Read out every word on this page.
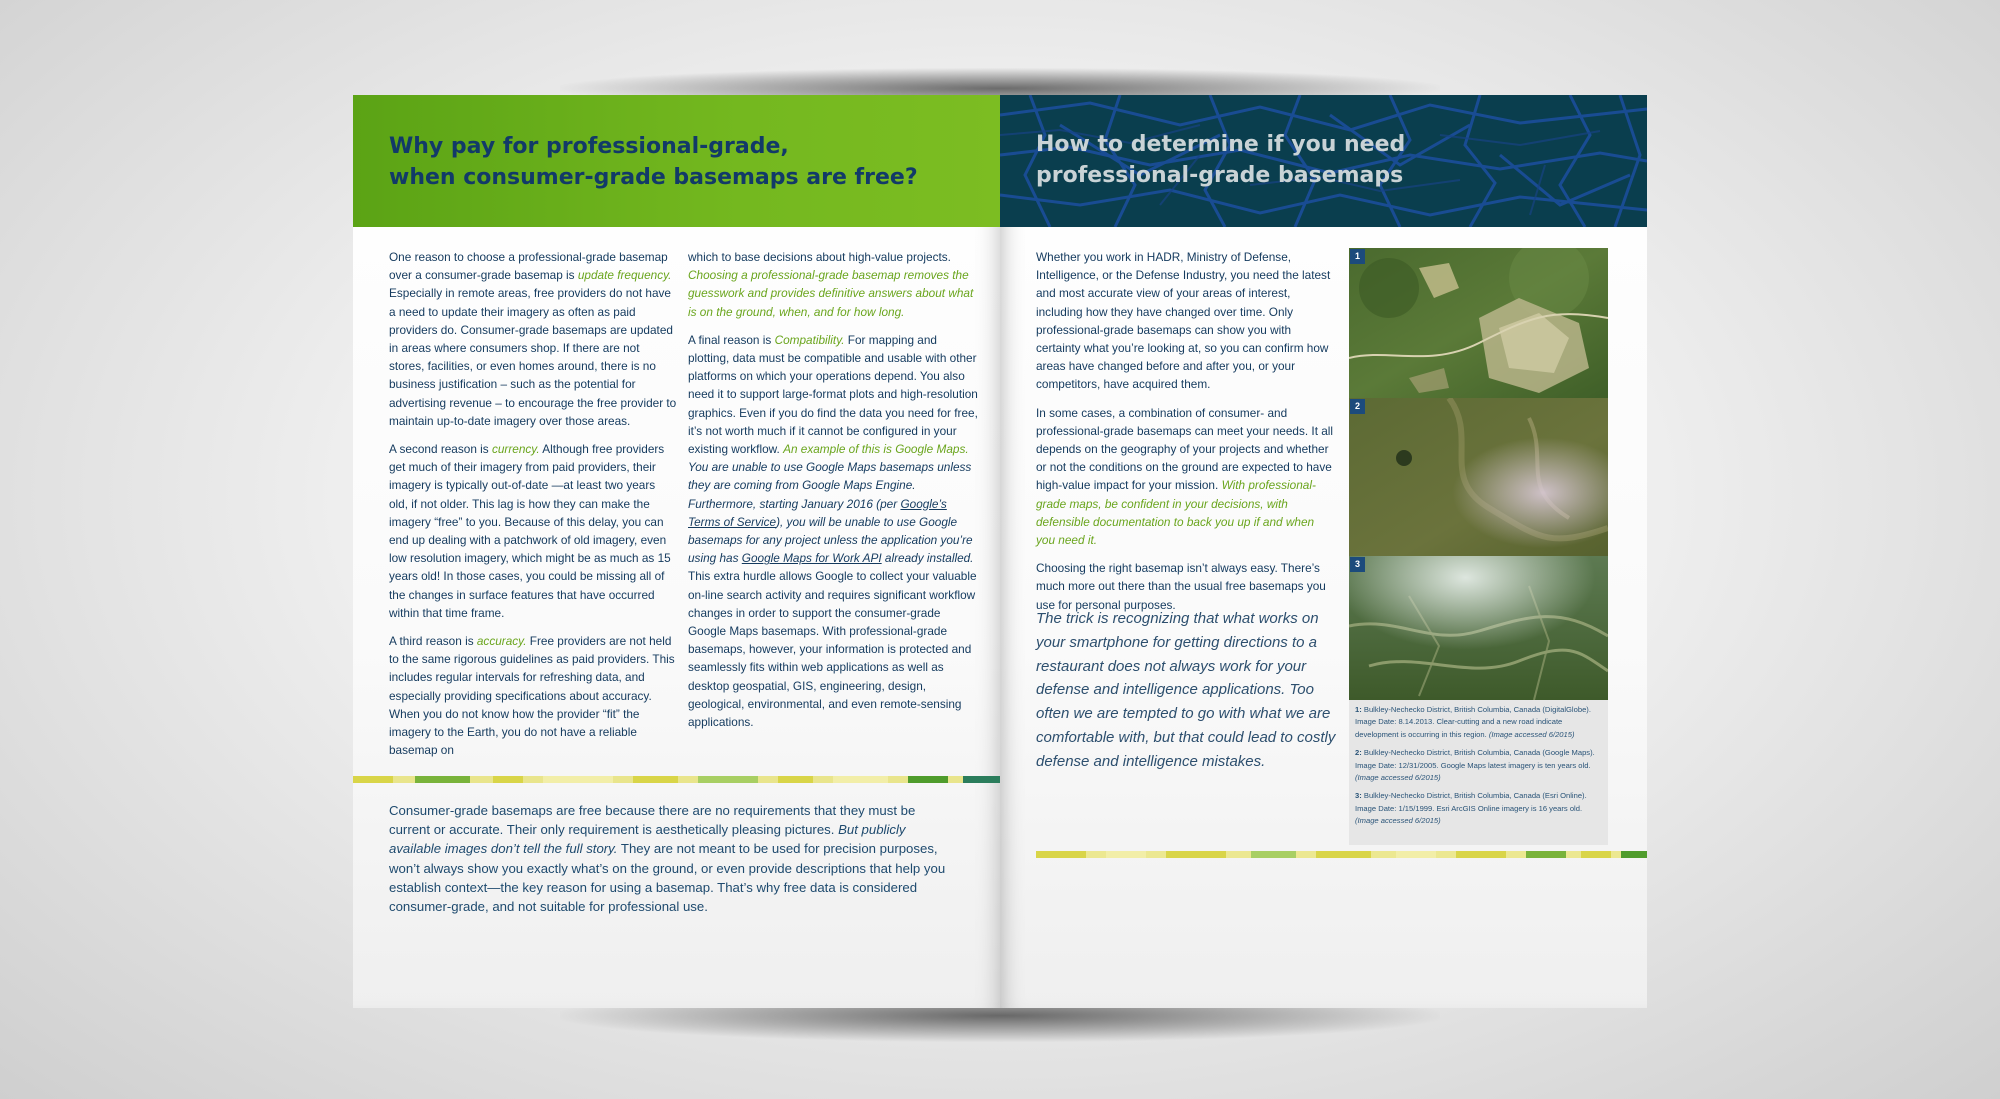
Why pay for professional-grade,
when consumer-grade basemaps are free?

One reason to choose a professional-grade basemap over a consumer-grade basemap is update frequency. Especially in remote areas, free providers do not have a need to update their imagery as often as paid providers do. Consumer-grade basemaps are updated in areas where consumers shop. If there are not stores, facilities, or even homes around, there is no business justification – such as the potential for advertising revenue – to encourage the free provider to maintain up-to-date imagery over those areas.

A second reason is currency. Although free providers get much of their imagery from paid providers, their imagery is typically out-of-date —at least two years old, if not older. This lag is how they can make the imagery “free” to you. Because of this delay, you can end up dealing with a patchwork of old imagery, even low resolution imagery, which might be as much as 15 years old! In those cases, you could be missing all of the changes in surface features that have occurred within that time frame.

A third reason is accuracy. Free providers are not held to the same rigorous guidelines as paid providers. This includes regular intervals for refreshing data, and especially providing specifications about accuracy. When you do not know how the provider “fit” the imagery to the Earth, you do not have a reliable basemap on

which to base decisions about high-value projects. Choosing a professional-grade basemap removes the guesswork and provides definitive answers about what is on the ground, when, and for how long.

A final reason is Compatibility. For mapping and plotting, data must be compatible and usable with other platforms on which your operations depend. You also need it to support large-format plots and high-resolution graphics. Even if you do find the data you need for free, it’s not worth much if it cannot be configured in your existing workflow. An example of this is Google Maps. You are unable to use Google Maps basemaps unless they are coming from Google Maps Engine. Furthermore, starting January 2016 (per Google’s Terms of Service), you will be unable to use Google basemaps for any project unless the application you’re using has Google Maps for Work API already installed. This extra hurdle allows Google to collect your valuable on-line search activity and requires significant workflow changes in order to support the consumer-grade Google Maps basemaps. With professional-grade basemaps, however, your information is protected and seamlessly fits within web applications as well as desktop geospatial, GIS, engineering, design, geological, environmental, and even remote-sensing applications.

Consumer-grade basemaps are free because there are no requirements that they must be current or accurate. Their only requirement is aesthetically pleasing pictures. But publicly available images don’t tell the full story. They are not meant to be used for precision purposes, won’t always show you exactly what’s on the ground, or even provide descriptions that help you establish context—the key reason for using a basemap. That’s why free data is considered consumer-grade, and not suitable for professional use.
How to determine if you need
professional-grade basemaps

Whether you work in HADR, Ministry of Defense, Intelligence, or the Defense Industry, you need the latest and most accurate view of your areas of interest, including how they have changed over time. Only professional-grade basemaps can show you with certainty what you’re looking at, so you can confirm how areas have changed before and after you, or your competitors, have acquired them.

In some cases, a combination of consumer- and professional-grade basemaps can meet your needs. It all depends on the geography of your projects and whether or not the conditions on the ground are expected to have high-value impact for your mission. With professional-grade maps, be confident in your decisions, with defensible documentation to back you up if and when you need it.

Choosing the right basemap isn’t always easy. There’s much more out there than the usual free basemaps you use for personal purposes.

The trick is recognizing that what works on your smartphone for getting directions to a restaurant does not always work for your defense and intelligence applications. Too often we are tempted to go with what we are comfortable with, but that could lead to costly defense and intelligence mistakes.
1
2
3

1: Bulkley-Nechecko District, British Columbia, Canada (DigitalGlobe). Image Date: 8.14.2013. Clear-cutting and a new road indicate development is occurring in this region. (Image accessed 6/2015)

2: Bulkley-Nechecko District, British Columbia, Canada (Google Maps). Image Date: 12/31/2005. Google Maps latest imagery is ten years old. (Image accessed 6/2015)

3: Bulkley-Nechecko District, British Columbia, Canada (Esri Online). Image Date: 1/15/1999. Esri ArcGIS Online imagery is 16 years old. (Image accessed 6/2015)
